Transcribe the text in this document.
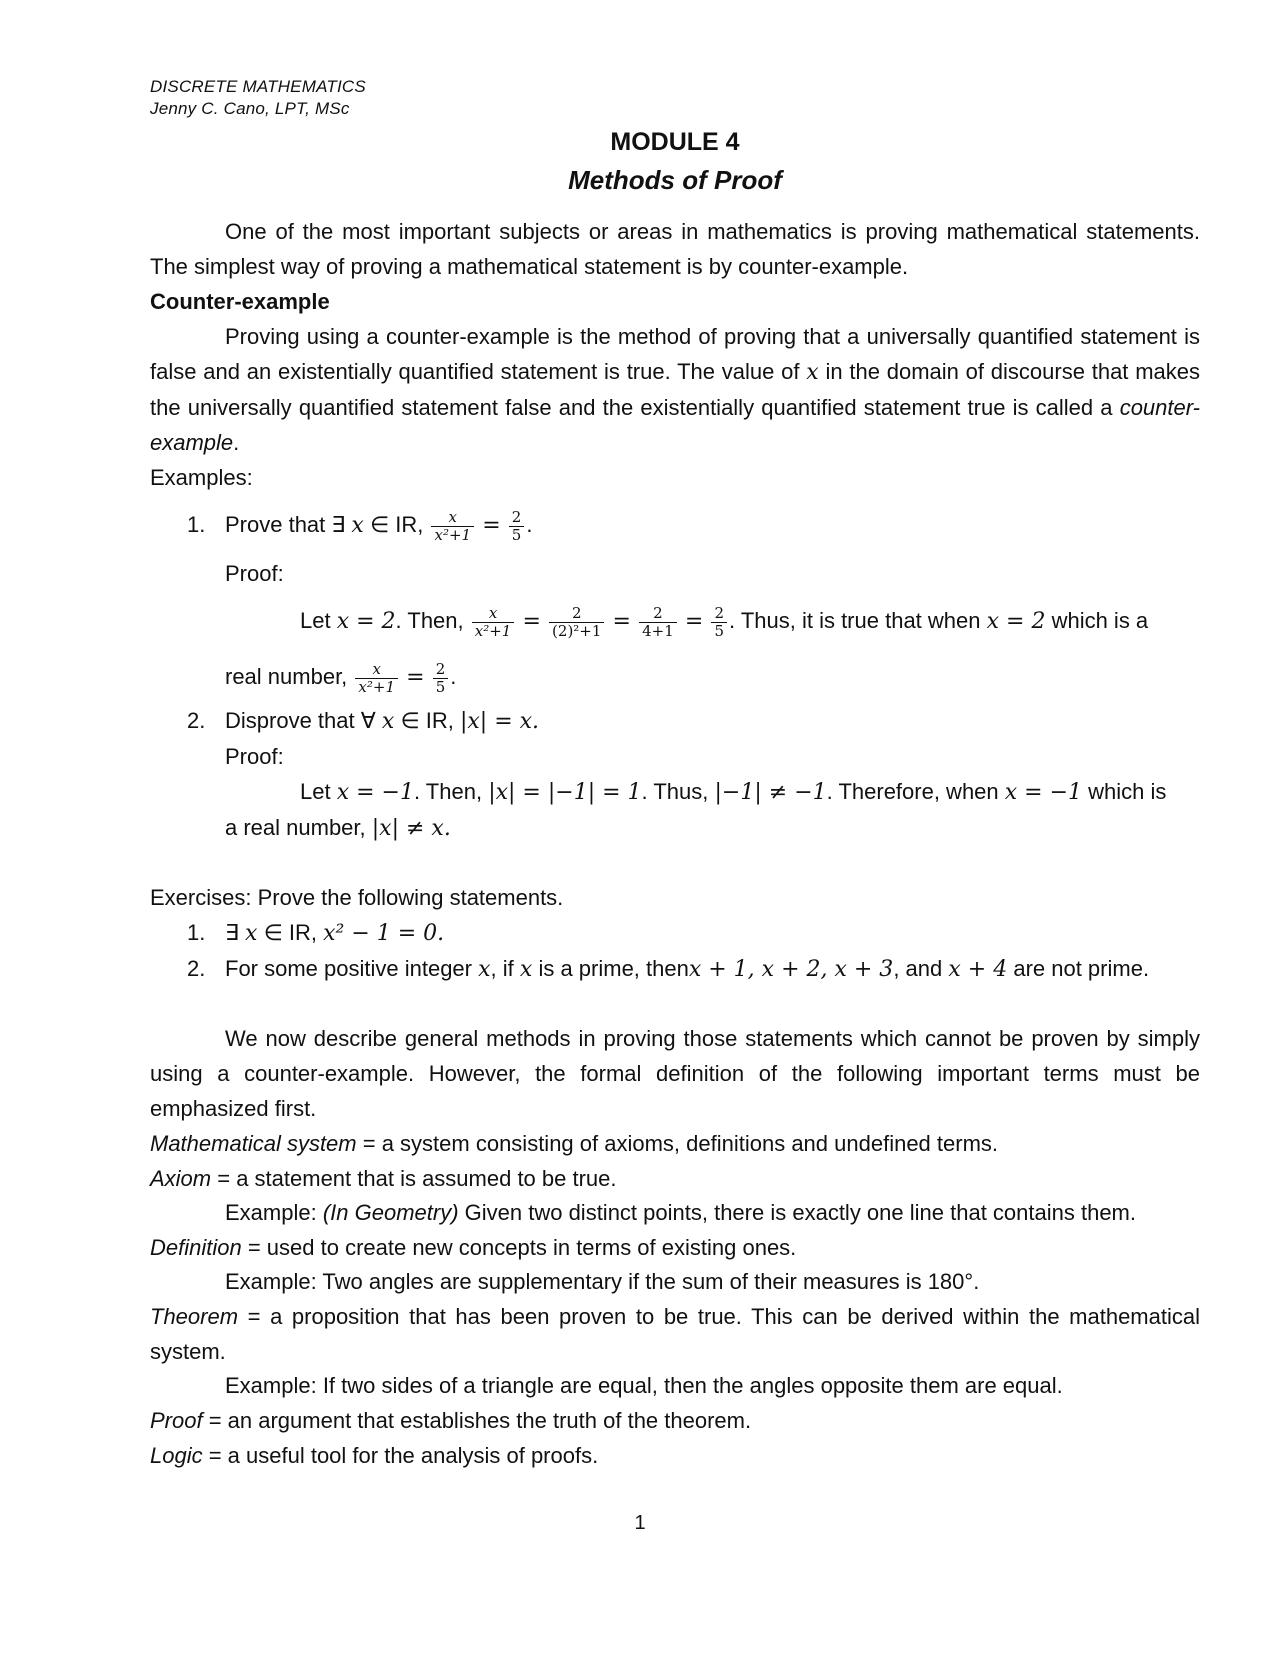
DISCRETE MATHEMATICS
Jenny C. Cano, LPT, MSc
MODULE 4
Methods of Proof
One of the most important subjects or areas in mathematics is proving mathematical statements. The simplest way of proving a mathematical statement is by counter-example.
Counter-example
Proving using a counter-example is the method of proving that a universally quantified statement is false and an existentially quantified statement is true. The value of x in the domain of discourse that makes the universally quantified statement false and the existentially quantified statement true is called a counter-example.
Examples:
1. Prove that ∃ x ∈ IR, $\frac{x}{\text{x²+1}} = \frac{2}{5}$ .
Proof:
Let x = 2. Then, $\frac{x}{\text{x²+1}} = \frac{2}{\text{(2)²+1}} = \frac{2}{4+1} = \frac{2}{5}$ . Thus, it is true that when x = 2 which is a
real number, $\frac{x}{\text{x²+1}} = \frac{2}{5}$ .
2. Disprove that ∀ x ∈ IR, |x| = x.
Proof:
Let x = −1. Then, |x| = |−1| = 1. Thus, |−1| ≠ −1. Therefore, when x = −1 which is
a real number, |x| ≠ x.
Exercises: Prove the following statements.
1. ∃ x ∈ IR, x² − 1 = 0.
2. For some positive integer x, if x is a prime, thenx + 1, x + 2, x + 3, and x + 4 are not prime.
We now describe general methods in proving those statements which cannot be proven by simply using a counter-example. However, the formal definition of the following important terms must be emphasized first.
Mathematical system = a system consisting of axioms, definitions and undefined terms.
Axiom = a statement that is assumed to be true.
Example: (In Geometry) Given two distinct points, there is exactly one line that contains them.
Definition = used to create new concepts in terms of existing ones.
Example: Two angles are supplementary if the sum of their measures is 180°.
Theorem = a proposition that has been proven to be true. This can be derived within the mathematical system.
Example: If two sides of a triangle are equal, then the angles opposite them are equal.
Proof = an argument that establishes the truth of the theorem.
Logic = a useful tool for the analysis of proofs.
1
